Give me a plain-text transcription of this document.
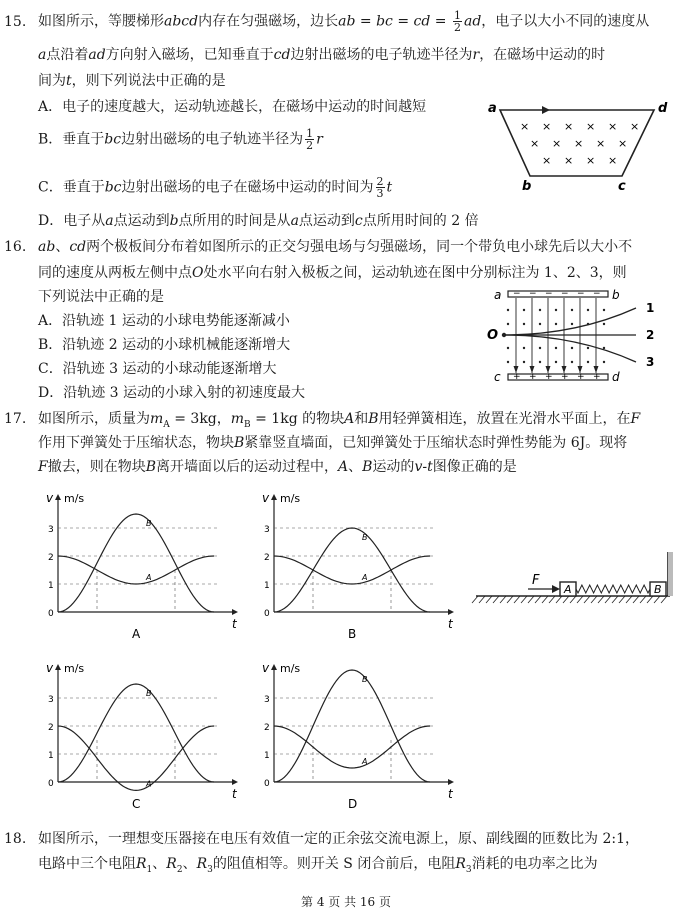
15. 如图所示，等腰梯形abcd内存在匀强磁场，边长ab = bc = cd = $\frac{1}{2}$ ad，电子以大小不同的速度从
a点沿着ad方向射入磁场，已知垂直于cd边射出磁场的电子轨迹半径为r，在磁场中运动的时
间为t，则下列说法中正确的是
A．电子的速度越大，运动轨迹越长，在磁场中运动的时间越短
B．垂直于bc边射出磁场的电子轨迹半径为 $\frac{1}{2}$ r
C．垂直于bc边射出磁场的电子在磁场中运动的时间为 $\frac{2}{3}$ t
D．电子从a点运动到b点所用的时间是从a点运动到c点所用时间的 2 倍
a	d
b	c
× × × × × ×
× × × × ×
× × × ×
16. ab、cd两个极板间分布着如图所示的正交匀强电场与匀强磁场，同一个带负电小球先后以大小不
同的速度从两板左侧中点O处水平向右射入极板之间，运动轨迹在图中分别标注为 1、2、3，则
下列说法中正确的是
A．沿轨迹 1 运动的小球电势能逐渐减小
B．沿轨迹 2 运动的小球机械能逐渐增大
C．沿轨迹 3 运动的小球动能逐渐增大
D．沿轨迹 3 运动的小球入射的初速度最大
a	b
c	d
−
+
−
+
−
+
−
+
−
+
−
+
O
1
2
3
17. 如图所示，质量为$m_A = 3kg$，$m_B = 1kg$ 的物块A和B用轻弹簧相连，放置在光滑水平面上，在F
作用下弹簧处于压缩状态，物块B紧靠竖直墙面，已知弹簧处于压缩状态时弹性势能为 6J。现将
F撤去，则在物块B离开墙面以后的运动过程中，A、B运动的v-t图像正确的是
v m/s
t
3
2
1
0
B
A
A
v m/s
t
3
2
1
0
B
A
B
v m/s
t
3
2
1
0
B
A
C
v m/s
t
3
2
1
0
B
A
D
A	B
F
18. 如图所示，一理想变压器接在电压有效值一定的正余弦交流电源上，原、副线圈的匝数比为 2:1，
电路中三个电阻$R_1$、$R_2$、$R_3$的阻值相等。则开关 S 闭合前后，电阻$R_3$消耗的电功率之比为
第 4 页 共 16 页
